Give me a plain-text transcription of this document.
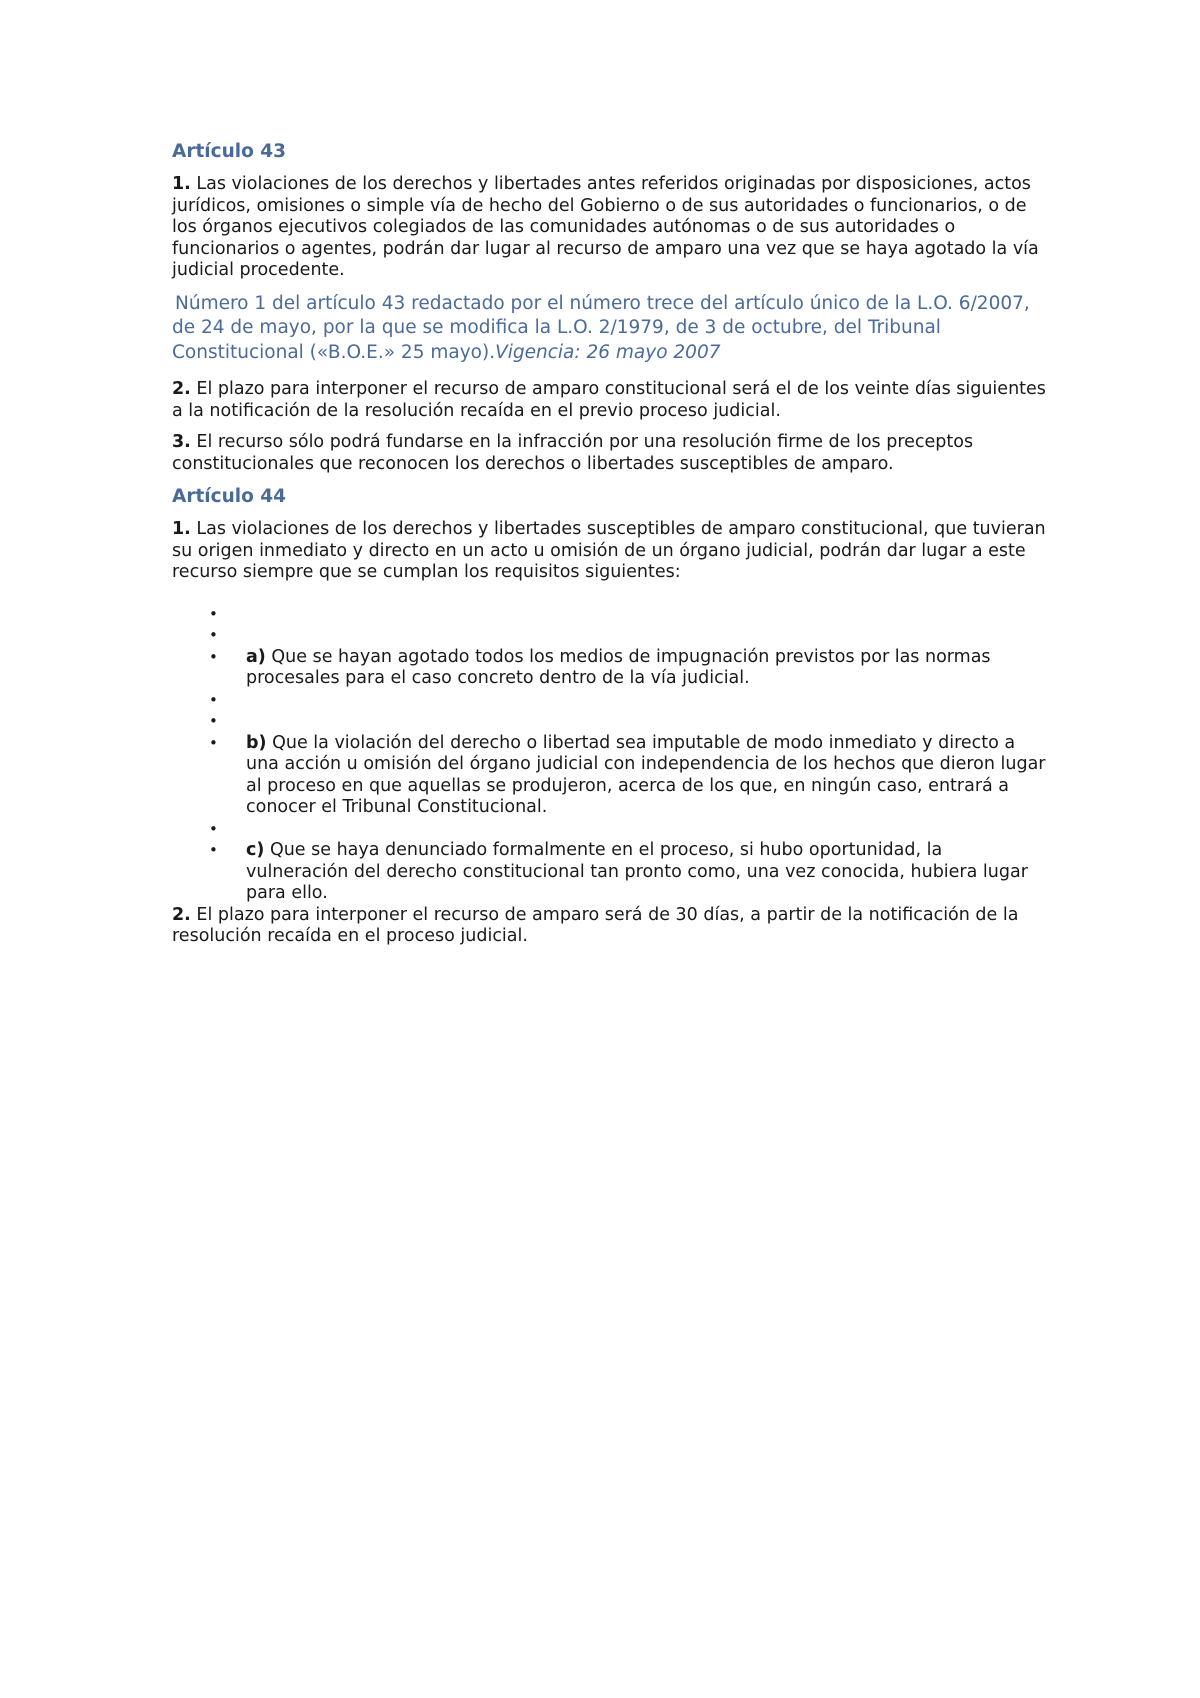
Artículo 43

1. Las violaciones de los derechos y libertades antes referidos originadas por disposiciones, actos jurídicos, omisiones o simple vía de hecho del Gobierno o de sus autoridades o funcionarios, o de los órganos ejecutivos colegiados de las comunidades autónomas o de sus autoridades o funcionarios o agentes, podrán dar lugar al recurso de amparo una vez que se haya agotado la vía judicial procedente.

Número 1 del artículo 43 redactado por el número trece del artículo único de la L.O. 6/2007, de 24 de mayo, por la que se modifica la L.O. 2/1979, de 3 de octubre, del Tribunal Constitucional («B.O.E.» 25 mayo).Vigencia: 26 mayo 2007

2. El plazo para interponer el recurso de amparo constitucional será el de los veinte días siguientes a la notificación de la resolución recaída en el previo proceso judicial.

3. El recurso sólo podrá fundarse en la infracción por una resolución firme de los preceptos constitucionales que reconocen los derechos o libertades susceptibles de amparo.

Artículo 44

1. Las violaciones de los derechos y libertades susceptibles de amparo constitucional, que tuvieran su origen inmediato y directo en un acto u omisión de un órgano judicial, podrán dar lugar a este recurso siempre que se cumplan los requisitos siguientes:

•
•
• a) Que se hayan agotado todos los medios de impugnación previstos por las normas procesales para el caso concreto dentro de la vía judicial.
•
•
• b) Que la violación del derecho o libertad sea imputable de modo inmediato y directo a una acción u omisión del órgano judicial con independencia de los hechos que dieron lugar al proceso en que aquellas se produjeron, acerca de los que, en ningún caso, entrará a conocer el Tribunal Constitucional.
•
• c) Que se haya denunciado formalmente en el proceso, si hubo oportunidad, la vulneración del derecho constitucional tan pronto como, una vez conocida, hubiera lugar para ello.

2. El plazo para interponer el recurso de amparo será de 30 días, a partir de la notificación de la resolución recaída en el proceso judicial.
